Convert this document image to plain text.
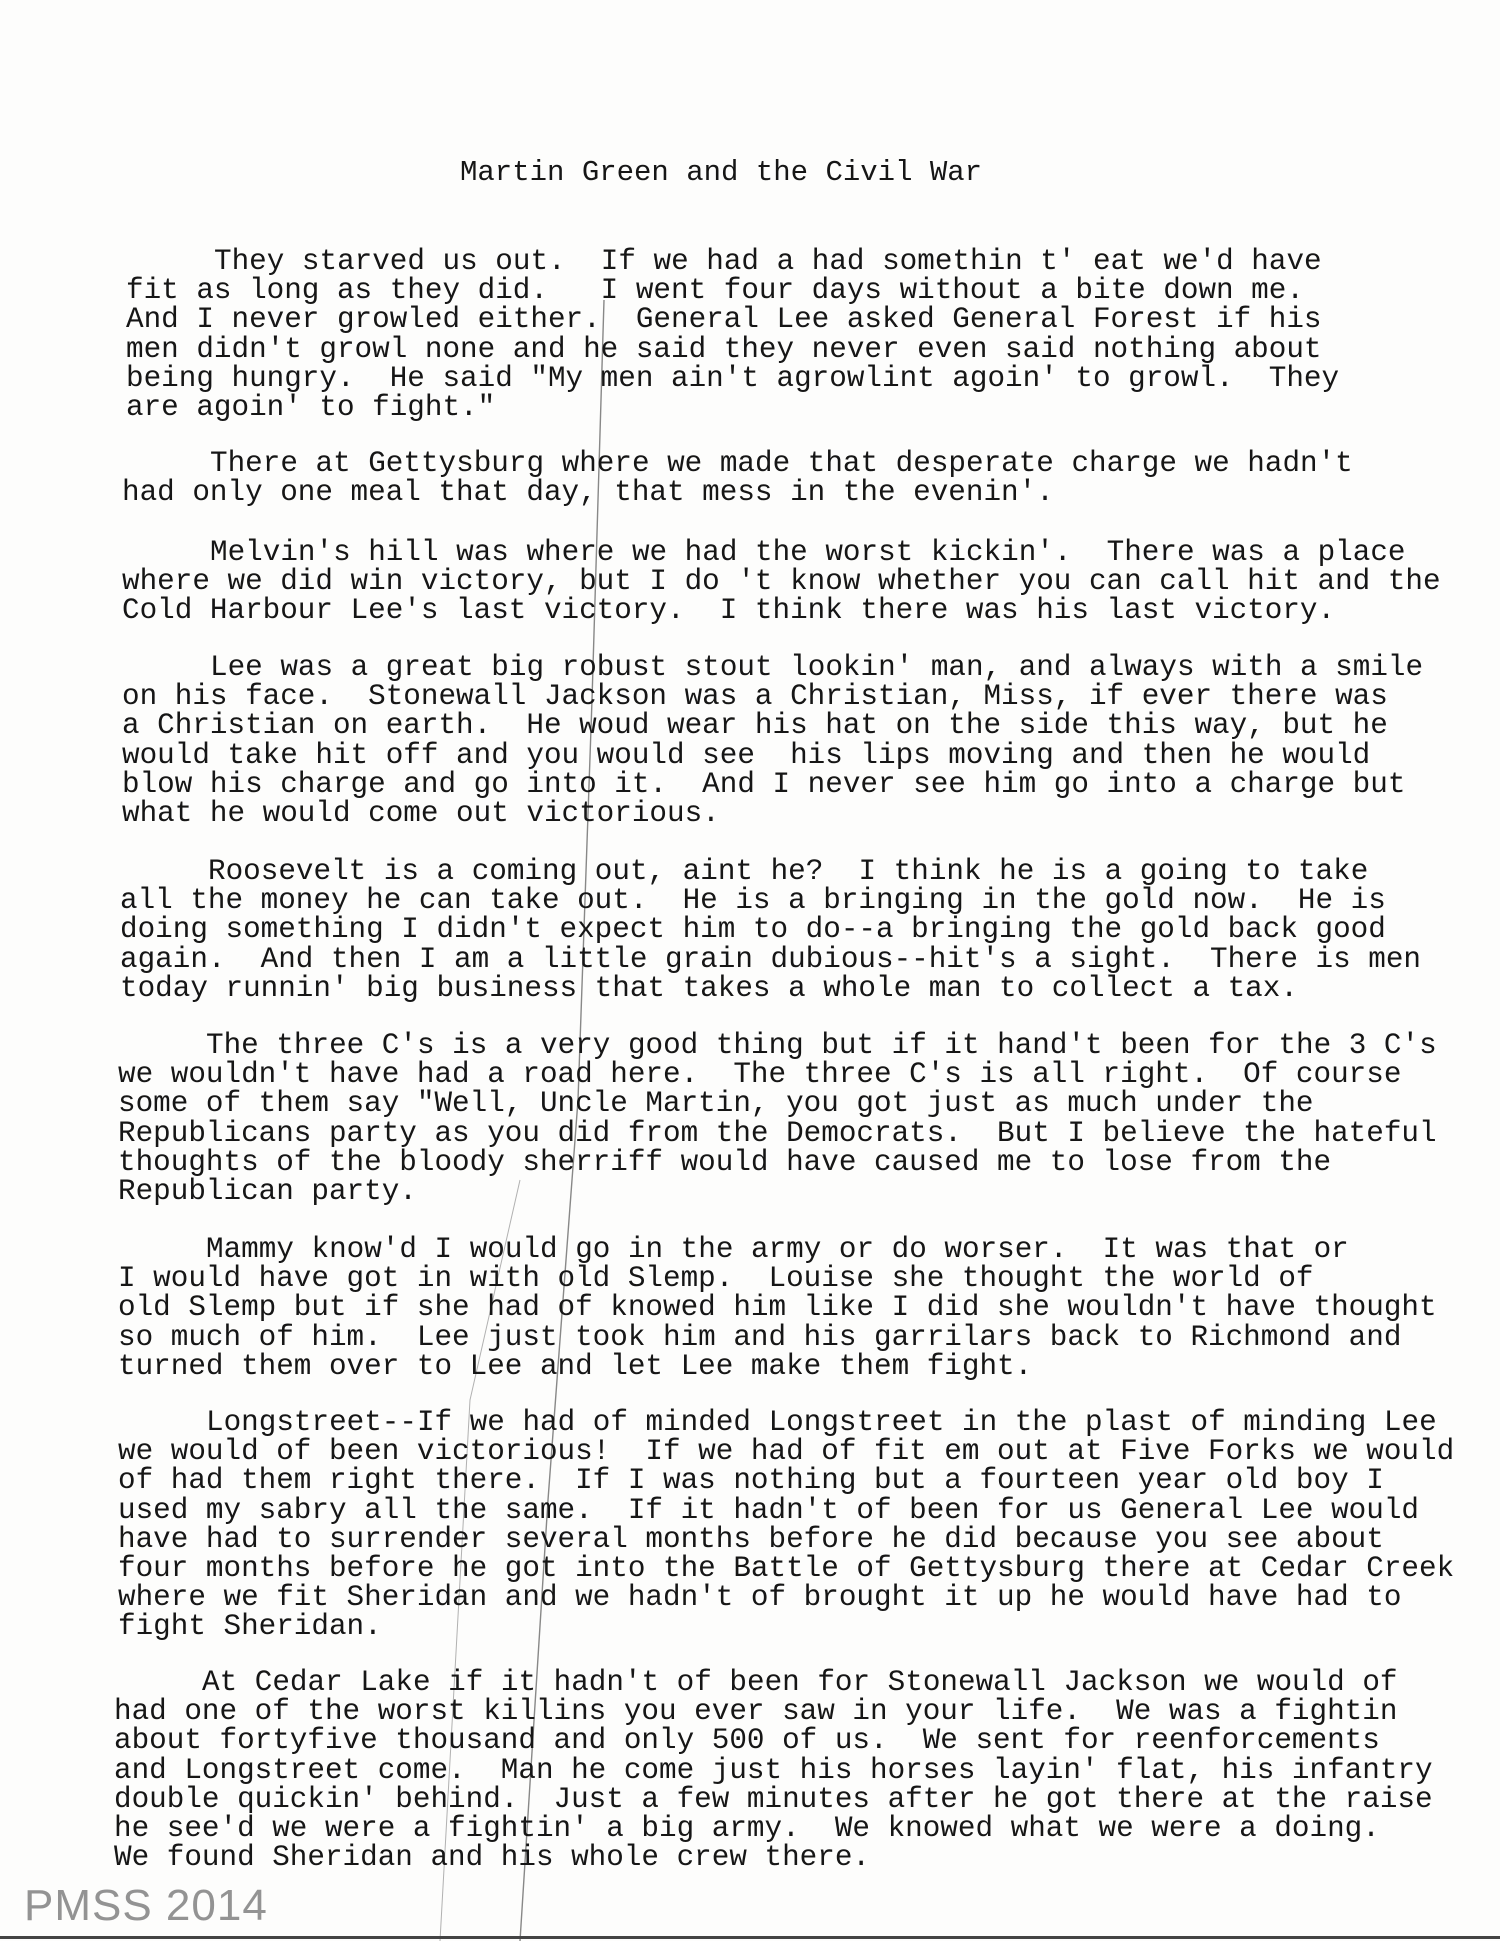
Martin Green and the Civil War
They starved us out.  If we had a had somethin t' eat we'd have
fit as long as they did.   I went four days without a bite down me.
And I never growled either.  General Lee asked General Forest if his
men didn't growl none and he said they never even said nothing about
being hungry.  He said "My men ain't agrowlint agoin' to growl.  They
are agoin' to fight."
There at Gettysburg where we made that desperate charge we hadn't
had only one meal that day, that mess in the evenin'.
Melvin's hill was where we had the worst kickin'.  There was a place
where we did win victory, but I do 't know whether you can call hit and the
Cold Harbour Lee's last victory.  I think there was his last victory.
Lee was a great big robust stout lookin' man, and always with a smile
on his face.  Stonewall Jackson was a Christian, Miss, if ever there was
a Christian on earth.  He woud wear his hat on the side this way, but he
would take hit off and you would see  his lips moving and then he would
blow his charge and go into it.  And I never see him go into a charge but
what he would come out victorious.
Roosevelt is a coming out, aint he?  I think he is a going to take
all the money he can take out.  He is a bringing in the gold now.  He is
doing something I didn't expect him to do--a bringing the gold back good
again.  And then I am a little grain dubious--hit's a sight.  There is men
today runnin' big business that takes a whole man to collect a tax.
The three C's is a very good thing but if it hand't been for the 3 C's
we wouldn't have had a road here.  The three C's is all right.  Of course
some of them say "Well, Uncle Martin, you got just as much under the
Republicans party as you did from the Democrats.  But I believe the hateful
thoughts of the bloody sherriff would have caused me to lose from the
Republican party.
Mammy know'd I would go in the army or do worser.  It was that or
I would have got in with old Slemp.  Louise she thought the world of
old Slemp but if she had of knowed him like I did she wouldn't have thought
so much of him.  Lee just took him and his garrilars back to Richmond and
turned them over to Lee and let Lee make them fight.
Longstreet--If we had of minded Longstreet in the plast of minding Lee
we would of been victorious!  If we had of fit em out at Five Forks we would
of had them right there.  If I was nothing but a fourteen year old boy I
used my sabry all the same.  If it hadn't of been for us General Lee would
have had to surrender several months before he did because you see about
four months before he got into the Battle of Gettysburg there at Cedar Creek
where we fit Sheridan and we hadn't of brought it up he would have had to
fight Sheridan.
At Cedar Lake if it hadn't of been for Stonewall Jackson we would of
had one of the worst killins you ever saw in your life.  We was a fightin
about fortyfive thousand and only 500 of us.  We sent for reenforcements
and Longstreet come.  Man he come just his horses layin' flat, his infantry
double quickin' behind.  Just a few minutes after he got there at the raise
he see'd we were a fightin' a big army.  We knowed what we were a doing.
We found Sheridan and his whole crew there.
PMSS 2014
